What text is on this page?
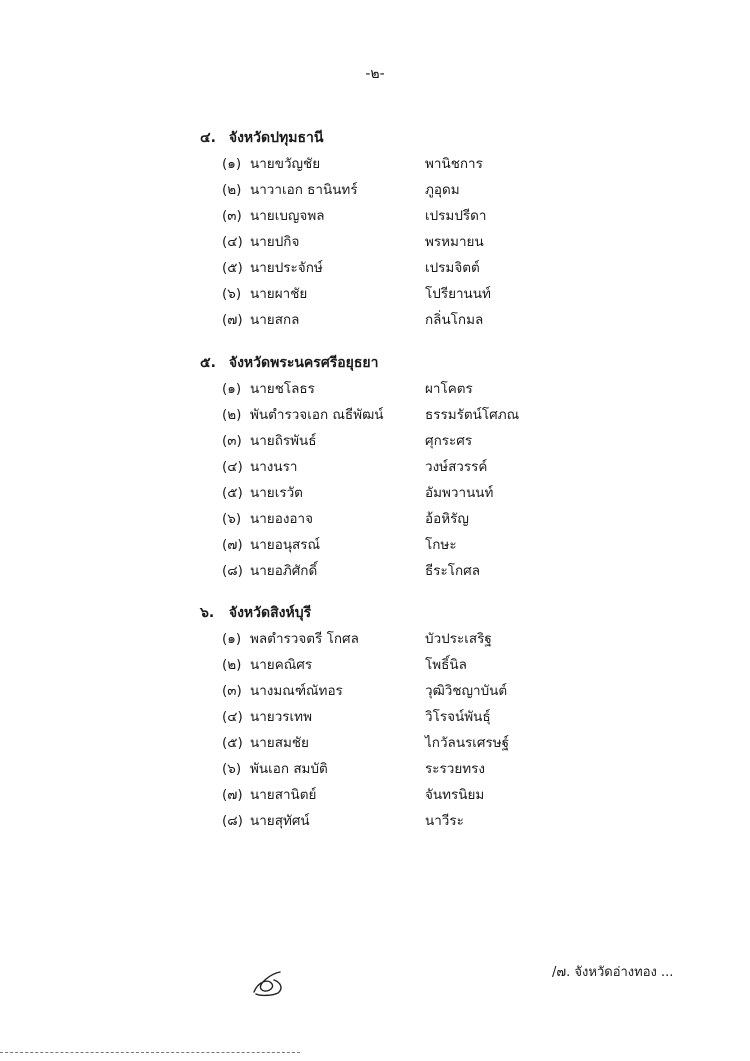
-๒-
๔. จังหวัดปทุมธานี
(๑) นายขวัญชัย	พานิชการ
(๒) นาวาเอก ธานินทร์	ภูอุดม
(๓) นายเบญจพล	เปรมปรีดา
(๔) นายปกิจ	พรหมายน
(๕) นายประจักษ์	เปรมจิตต์
(๖) นายผาชัย	โปรียานนท์
(๗) นายสกล	กลิ่นโกมล
๕. จังหวัดพระนครศรีอยุธยา
(๑) นายชโลธร	ผาโคตร
(๒) พันตำรวจเอก ณธีพัฒน์	ธรรมรัตน์โศภณ
(๓) นายถิรพันธ์	ศุกระศร
(๔) นางนรา	วงษ์สวรรค์
(๕) นายเรวัต	อัมพวานนท์
(๖) นายองอาจ	อ้อหิรัญ
(๗) นายอนุสรณ์	โกษะ
(๘) นายอภิศักดิ์	ธีระโกศล
๖. จังหวัดสิงห์บุรี
(๑) พลตำรวจตรี โกศล	บัวประเสริฐ
(๒) นายคณิศร	โพธิ์นิล
(๓) นางมณฑ์ณัทอร	วุฒิวิชญาบันต์
(๔) นายวรเทพ	วิโรจน์พันธุ์
(๕) นายสมชัย	ไกวัลนรเศรษฐ์
(๖) พันเอก สมบัติ	ระรวยทรง
(๗) นายสานิตย์	จันทรนิยม
(๘) นายสุทัศน์	นาวีระ
/๗. จังหวัดอ่างทอง ...
